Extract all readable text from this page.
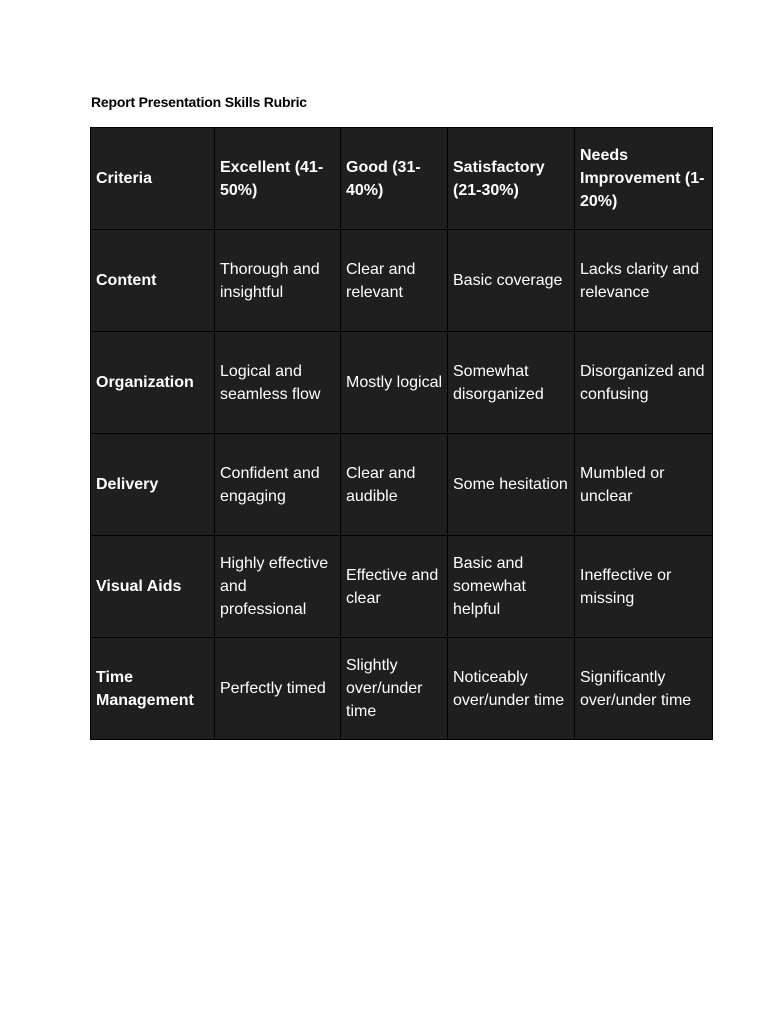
Report Presentation Skills Rubric
Criteria	Excellent (41-50%)	Good (31-40%)	Satisfactory (21-30%)	Needs Improvement (1-20%)
Content	Thorough and insightful	Clear and relevant	Basic coverage	Lacks clarity and relevance
Organization	Logical and seamless flow	Mostly logical	Somewhat disorganized	Disorganized and confusing
Delivery	Confident and engaging	Clear and audible	Some hesitation	Mumbled or unclear
Visual Aids	Highly effective and professional	Effective and clear	Basic and somewhat helpful	Ineffective or missing
Time Management	Perfectly timed	Slightly over/under time	Noticeably over/under time	Significantly over/under time
